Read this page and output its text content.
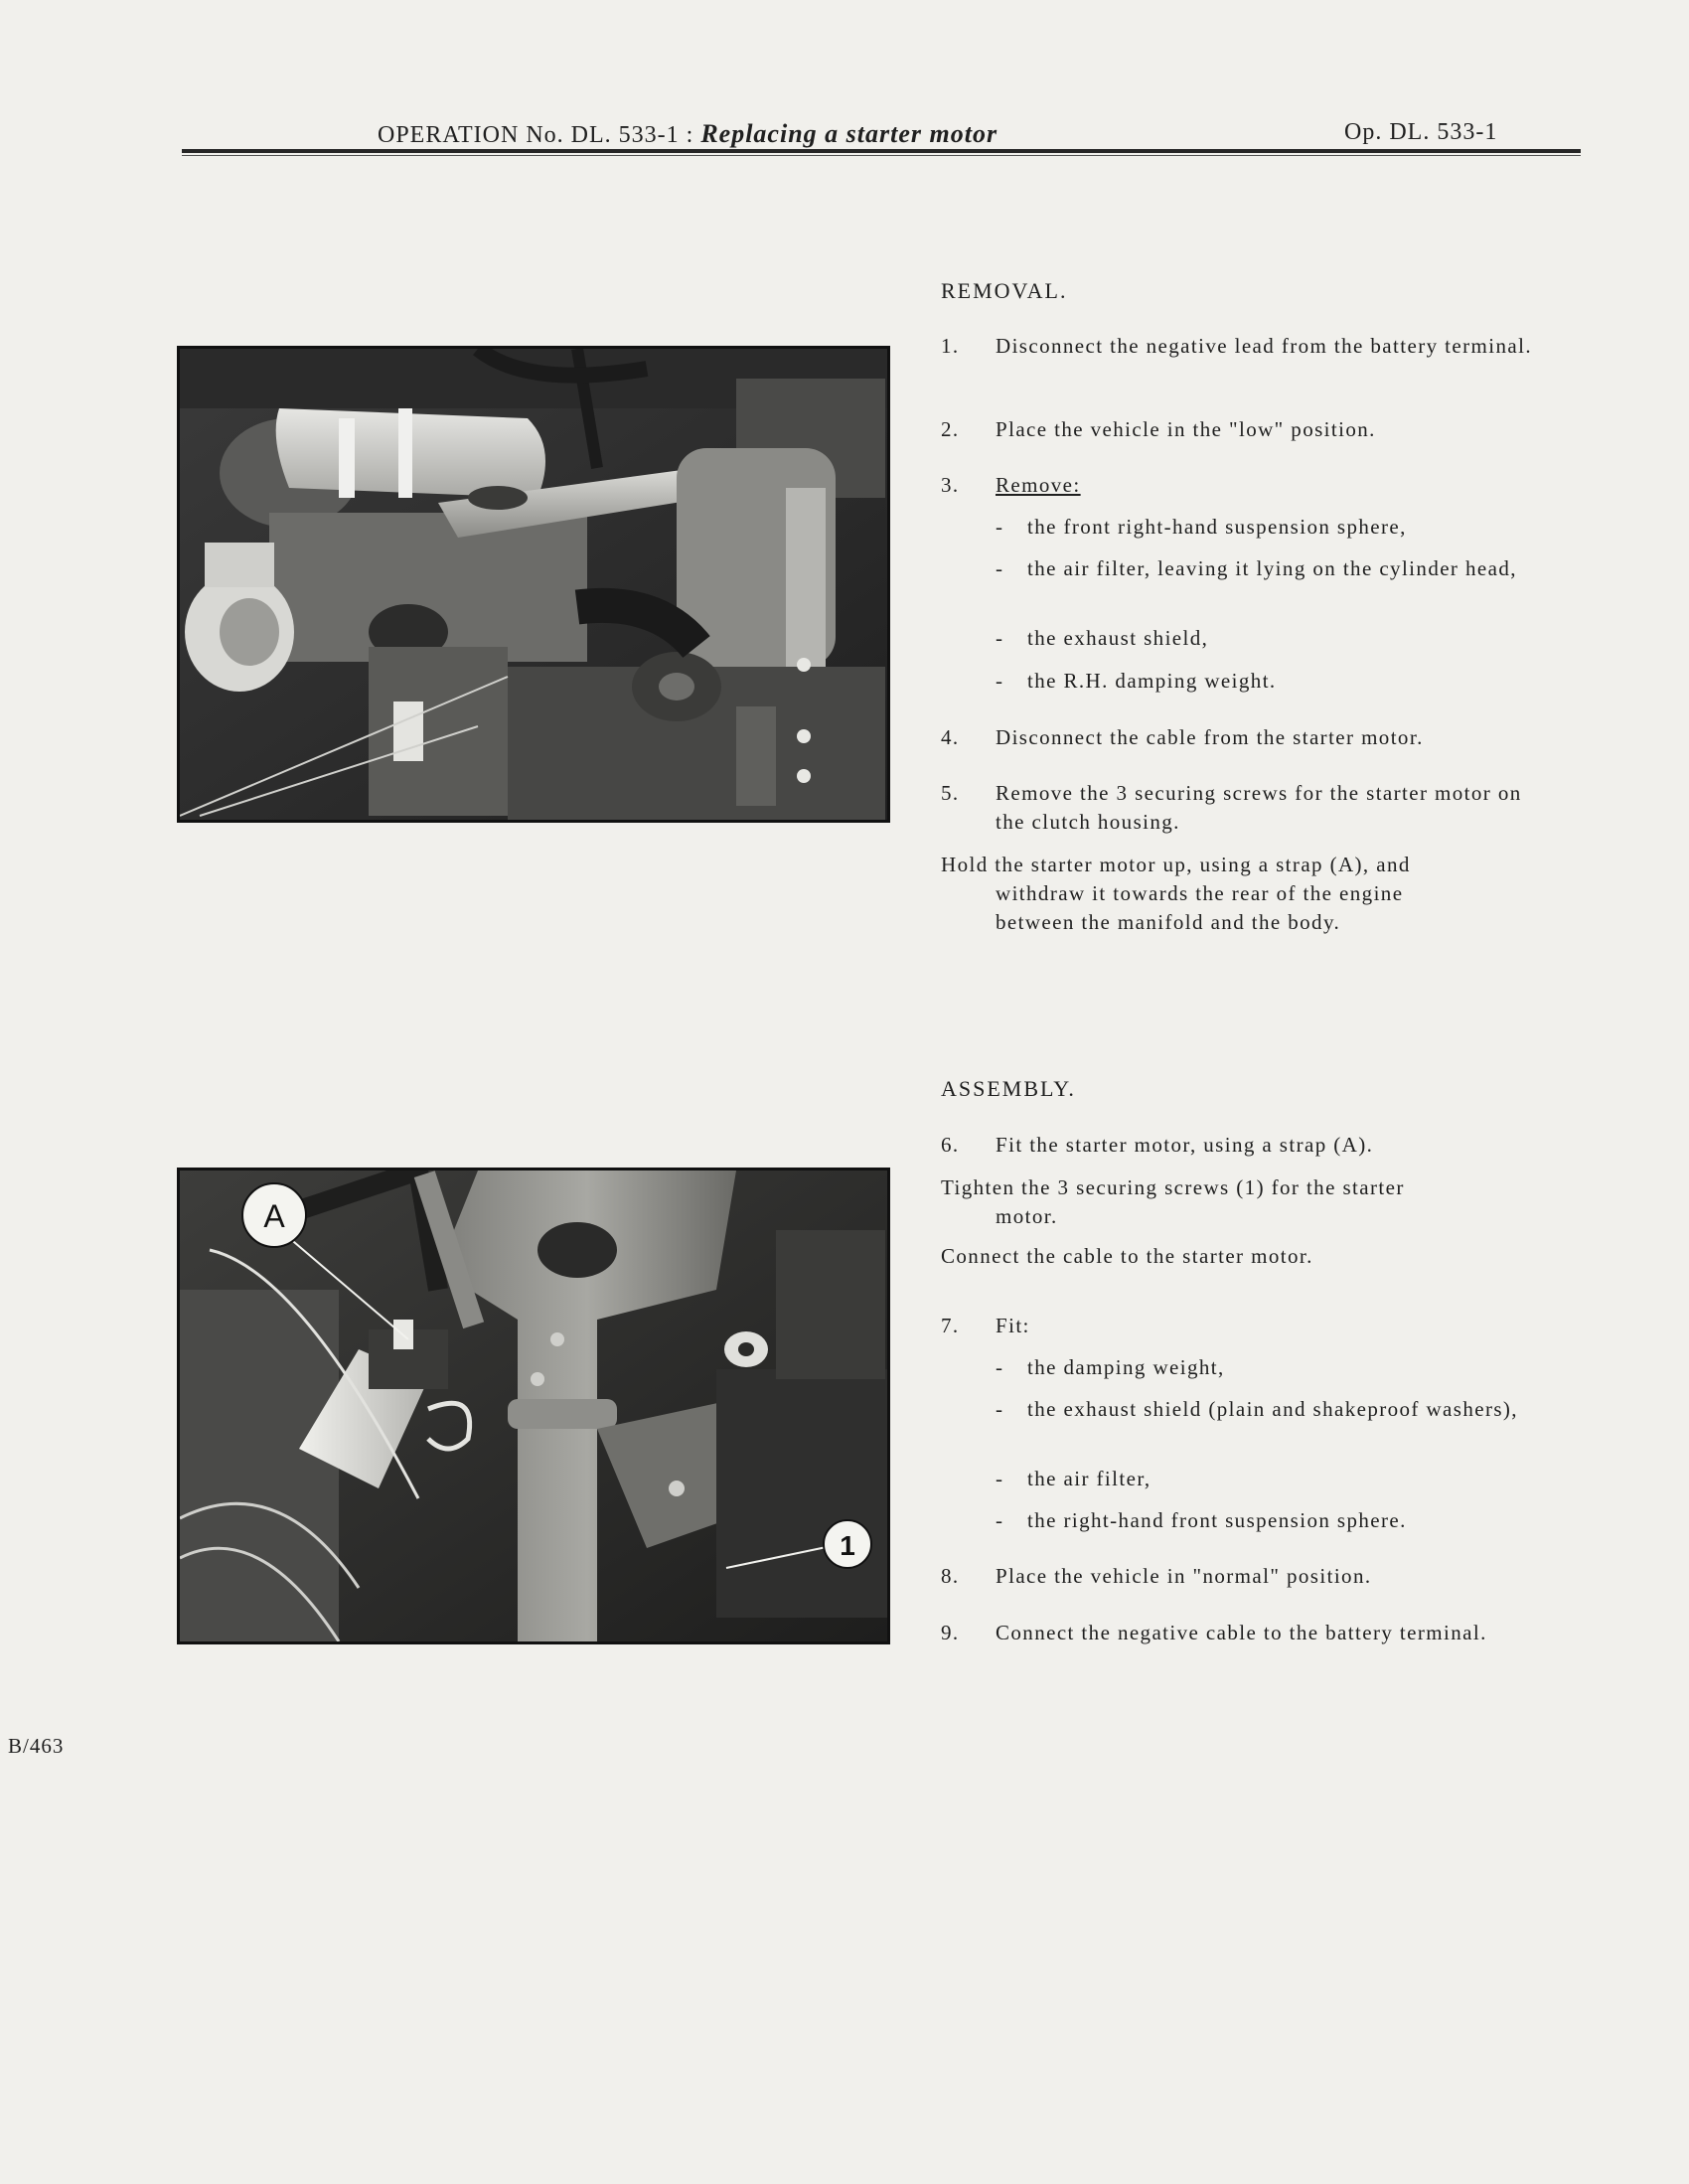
OPERATION No. DL. 533-1 : Replacing a starter motor	Op. DL. 533-1
A
1
REMOVAL.
1. Disconnect the negative lead from the battery terminal.
2. Place the vehicle in the "low" position.
3. Remove:
- the front right-hand suspension sphere,
- the air filter, leaving it lying on the cylinder head,
- the exhaust shield,
- the R.H. damping weight.
4. Disconnect the cable from the starter motor.
5. Remove the 3 securing screws for the starter motor on the clutch housing.
Hold the starter motor up, using a strap (A), and
withdraw it towards the rear of the engine between the manifold and the body.
ASSEMBLY.
6. Fit the starter motor, using a strap (A).
Tighten the 3 securing screws (1) for the starter
motor.
Connect the cable to the starter motor.
7. Fit:
- the damping weight,
- the exhaust shield (plain and shakeproof washers),
- the air filter,
- the right-hand front suspension sphere.
8. Place the vehicle in "normal" position.
9. Connect the negative cable to the battery terminal.
B/463
